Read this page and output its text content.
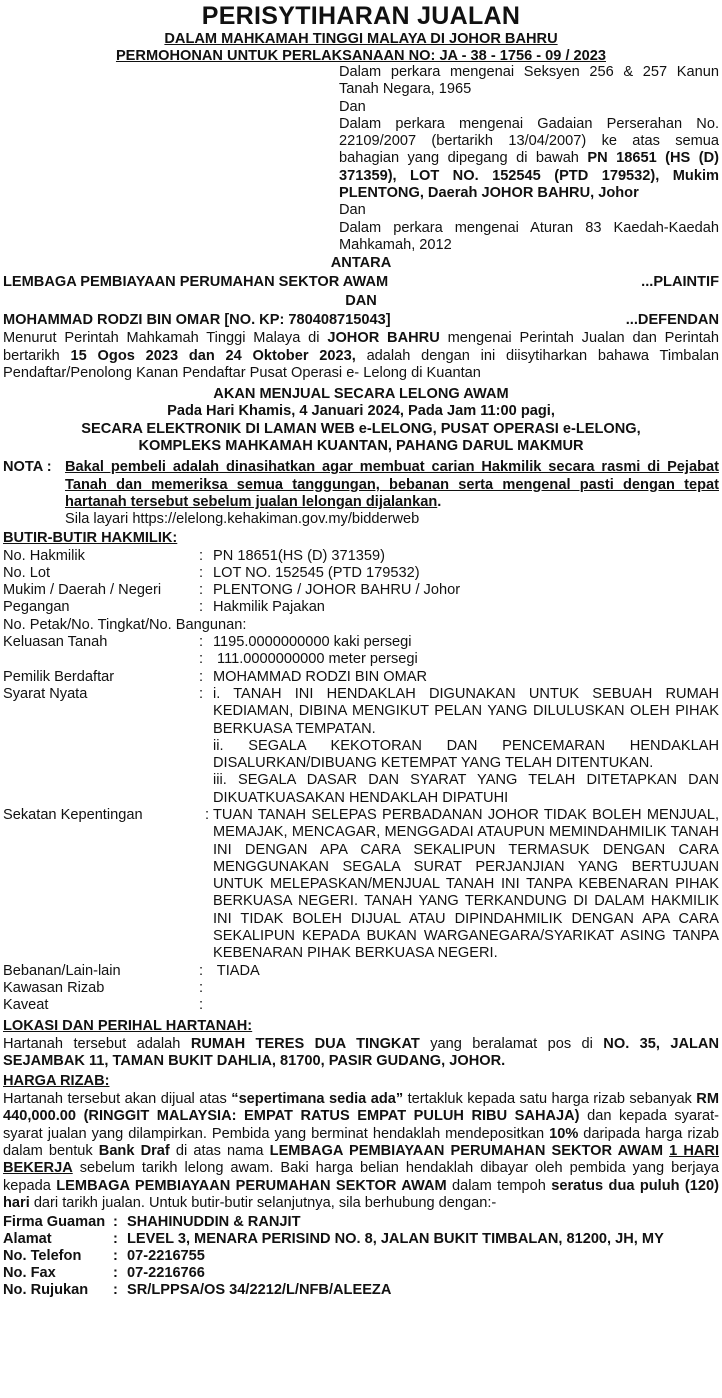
PERISYTIHARAN JUALAN
DALAM MAHKAMAH TINGGI MALAYA DI JOHOR BAHRU
PERMOHONAN UNTUK PERLAKSANAAN NO: JA - 38 - 1756 - 09 / 2023
Dalam perkara mengenai Seksyen 256 & 257 Kanun Tanah Negara, 1965
Dan
Dalam perkara mengenai Gadaian Perserahan No. 22109/2007 (bertarikh 13/04/2007) ke atas semua bahagian yang dipegang di bawah PN 18651 (HS (D) 371359), LOT NO. 152545 (PTD 179532), Mukim PLENTONG, Daerah JOHOR BAHRU, Johor
Dan
Dalam perkara mengenai Aturan 83 Kaedah-Kaedah Mahkamah, 2012
ANTARA
LEMBAGA PEMBIAYAAN PERUMAHAN SEKTOR AWAM	...PLAINTIF
DAN
MOHAMMAD RODZI BIN OMAR [NO. KP: 780408715043]	...DEFENDAN
Menurut Perintah Mahkamah Tinggi Malaya di JOHOR BAHRU mengenai Perintah Jualan dan Perintah bertarikh 15 Ogos 2023 dan 24 Oktober 2023, adalah dengan ini diisytiharkan bahawa Timbalan Pendaftar/Penolong Kanan Pendaftar Pusat Operasi e- Lelong di Kuantan
AKAN MENJUAL SECARA LELONG AWAM
Pada Hari Khamis, 4 Januari 2024, Pada Jam 11:00 pagi,
SECARA ELEKTRONIK DI LAMAN WEB e-LELONG, PUSAT OPERASI e-LELONG,
KOMPLEKS MAHKAMAH KUANTAN, PAHANG DARUL MAKMUR
NOTA : Bakal pembeli adalah dinasihatkan agar membuat carian Hakmilik secara rasmi di Pejabat Tanah dan memeriksa semua tanggungan, bebanan serta mengenal pasti dengan tepat hartanah tersebut sebelum jualan lelongan dijalankan.
Sila layari https://elelong.kehakiman.gov.my/bidderweb
BUTIR-BUTIR HAKMILIK:
No. Hakmilik	: PN 18651(HS (D) 371359)
No. Lot	: LOT NO. 152545 (PTD 179532)
Mukim / Daerah / Negeri	: PLENTONG / JOHOR BAHRU / Johor
Pegangan	: Hakmilik Pajakan
No. Petak/No. Tingkat/No. Bangunan:
Keluasan Tanah	: 1195.0000000000 kaki persegi
: 111.0000000000 meter persegi
Pemilik Berdaftar	: MOHAMMAD RODZI BIN OMAR
Syarat Nyata	: i. TANAH INI HENDAKLAH DIGUNAKAN UNTUK SEBUAH RUMAH KEDIAMAN, DIBINA MENGIKUT PELAN YANG DILULUSKAN OLEH PIHAK BERKUASA TEMPATAN.

ii. SEGALA KEKOTORAN DAN PENCEMARAN HENDAKLAH DISALURKAN/DIBUANG KETEMPAT YANG TELAH DITENTUKAN.

iii. SEGALA DASAR DAN SYARAT YANG TELAH DITETAPKAN DAN DIKUATKUASAKAN HENDAKLAH DIPATUHI

Sekatan Kepentingan	: TUAN TANAH SELEPAS PERBADANAN JOHOR TIDAK BOLEH MENJUAL, MEMAJAK, MENCAGAR, MENGGADAI ATAUPUN MEMINDAHMILIK TANAH INI DENGAN APA CARA SEKALIPUN TERMASUK DENGAN CARA MENGGUNAKAN SEGALA SURAT PERJANJIAN YANG BERTUJUAN UNTUK MELEPASKAN/MENJUAL TANAH INI TANPA KEBENARAN PIHAK BERKUASA NEGERI. TANAH YANG TERKANDUNG DI DALAM HAKMILIK INI TIDAK BOLEH DIJUAL ATAU DIPINDAHMILIK DENGAN APA CARA SEKALIPUN KEPADA BUKAN WARGANEGARA/SYARIKAT ASING TANPA KEBENARAN PIHAK BERKUASA NEGERI.
Bebanan/Lain-lain	: TIADA
Kawasan Rizab	:
Kaveat	:
LOKASI DAN PERIHAL HARTANAH:
Hartanah tersebut adalah RUMAH TERES DUA TINGKAT yang beralamat pos di NO. 35, JALAN SEJAMBAK 11, TAMAN BUKIT DAHLIA, 81700, PASIR GUDANG, JOHOR.
HARGA RIZAB:
Hartanah tersebut akan dijual atas “sepertimana sedia ada” tertakluk kepada satu harga rizab sebanyak RM 440,000.00 (RINGGIT MALAYSIA: EMPAT RATUS EMPAT PULUH RIBU SAHAJA) dan kepada syarat-syarat jualan yang dilampirkan. Pembida yang berminat hendaklah mendepositkan 10% daripada harga rizab dalam bentuk Bank Draf di atas nama LEMBAGA PEMBIAYAAN PERUMAHAN SEKTOR AWAM 1 HARI BEKERJA sebelum tarikh lelong awam. Baki harga belian hendaklah dibayar oleh pembida yang berjaya kepada LEMBAGA PEMBIAYAAN PERUMAHAN SEKTOR AWAM dalam tempoh seratus dua puluh (120) hari dari tarikh jualan. Untuk butir-butir selanjutnya, sila berhubung dengan:-
Firma Guaman : SHAHINUDDIN & RANJIT
Alamat	: LEVEL 3, MENARA PERISIND NO. 8, JALAN BUKIT TIMBALAN, 81200, JH, MY
No. Telefon	: 07-2216755
No. Fax	: 07-2216766
No. Rujukan	: SR/LPPSA/OS 34/2212/L/NFB/ALEEZA
